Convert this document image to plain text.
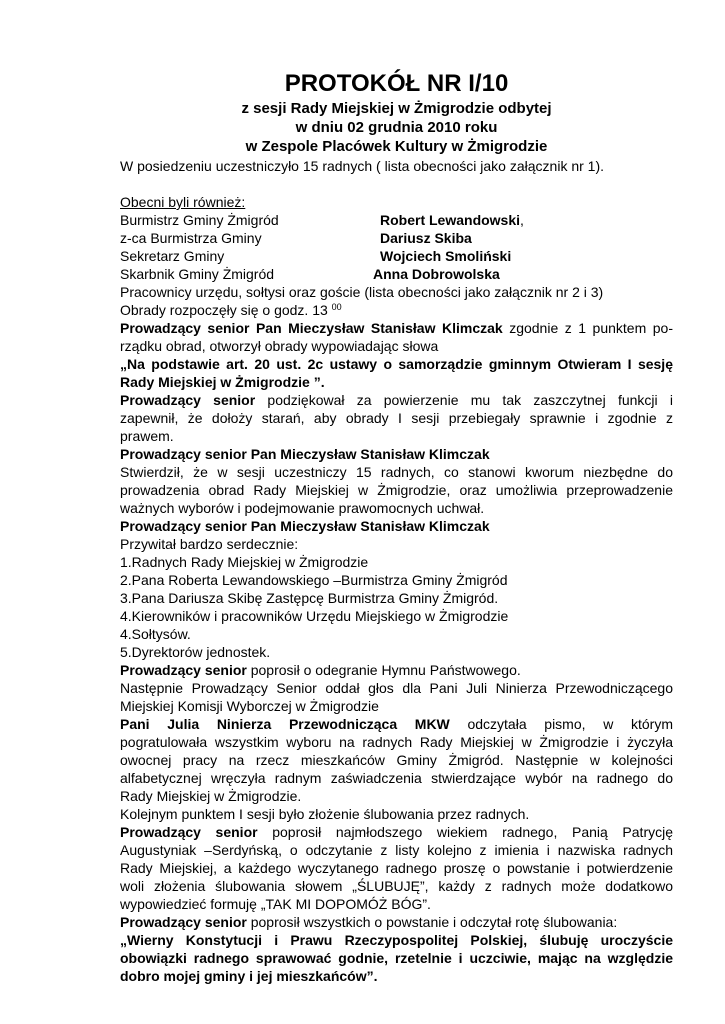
PROTOKÓŁ NR I/10
z sesji Rady Miejskiej w Żmigrodzie odbytej
w dniu 02 grudnia 2010 roku
w Zespole Placówek Kultury w Żmigrodzie
W posiedzeniu uczestniczyło 15 radnych ( lista obecności jako załącznik nr 1).
Obecni byli również:
Burmistrz Gminy Żmigród	Robert Lewandowski,
z-ca Burmistrza Gminy	Dariusz Skiba
Sekretarz Gminy	Wojciech Smoliński
Skarbnik Gminy Żmigród	Anna Dobrowolska
Pracownicy urzędu, sołtysi oraz goście (lista obecności jako załącznik nr 2 i 3)
Obrady rozpoczęły się o godz. 13 $^{00}$
Prowadzący senior Pan Mieczysław Stanisław Klimczak zgodnie z 1 punktem po-
rządku obrad, otworzył obrady wypowiadając słowa
„Na podstawie art. 20 ust. 2c ustawy o samorządzie gminnym Otwieram I sesję
Rady Miejskiej w Żmigrodzie ”.
Prowadzący senior podziękował za powierzenie mu tak zaszczytnej funkcji i
zapewnił, że dołoży starań, aby obrady I sesji przebiegały sprawnie i zgodnie z
prawem.
Prowadzący senior Pan Mieczysław Stanisław Klimczak
Stwierdził, że w sesji uczestniczy 15 radnych, co stanowi kworum niezbędne do
prowadzenia obrad Rady Miejskiej w Żmigrodzie, oraz umożliwia przeprowadzenie
ważnych wyborów i podejmowanie prawomocnych uchwał.
Prowadzący senior Pan Mieczysław Stanisław Klimczak
Przywitał bardzo serdecznie:
1.Radnych Rady Miejskiej w Żmigrodzie
2.Pana Roberta Lewandowskiego –Burmistrza Gminy Żmigród
3.Pana Dariusza Skibę Zastępcę Burmistrza Gminy Żmigród.
4.Kierowników i pracowników Urzędu Miejskiego w Żmigrodzie
4.Sołtysów.
5.Dyrektorów jednostek.
Prowadzący senior poprosił o odegranie Hymnu Państwowego.
Następnie Prowadzący Senior oddał głos dla Pani Juli Ninierza Przewodniczącego
Miejskiej Komisji Wyborczej w Żmigrodzie
Pani Julia Ninierza Przewodnicząca MKW odczytała pismo, w którym
pogratulowała wszystkim wyboru na radnych Rady Miejskiej w Żmigrodzie i życzyła
owocnej pracy na rzecz mieszkańców Gminy Żmigród. Następnie w kolejności
alfabetycznej wręczyła radnym zaświadczenia stwierdzające wybór na radnego do
Rady Miejskiej w Żmigrodzie.
Kolejnym punktem I sesji było złożenie ślubowania przez radnych.
Prowadzący senior poprosił najmłodszego wiekiem radnego, Panią Patrycję
Augustyniak –Serdyńską, o odczytanie z listy kolejno z imienia i nazwiska radnych
Rady Miejskiej, a każdego wyczytanego radnego proszę o powstanie i potwierdzenie
woli złożenia ślubowania słowem „ŚLUBUJĘ”, każdy z radnych może dodatkowo
wypowiedzieć formuję „TAK MI DOPOMÓŻ BÓG”.
Prowadzący senior poprosił wszystkich o powstanie i odczytał rotę ślubowania:
„Wierny Konstytucji i Prawu Rzeczypospolitej Polskiej, ślubuję uroczyście
obowiązki radnego sprawować godnie, rzetelnie i uczciwie, mając na względzie
dobro mojej gminy i jej mieszkańców”.
